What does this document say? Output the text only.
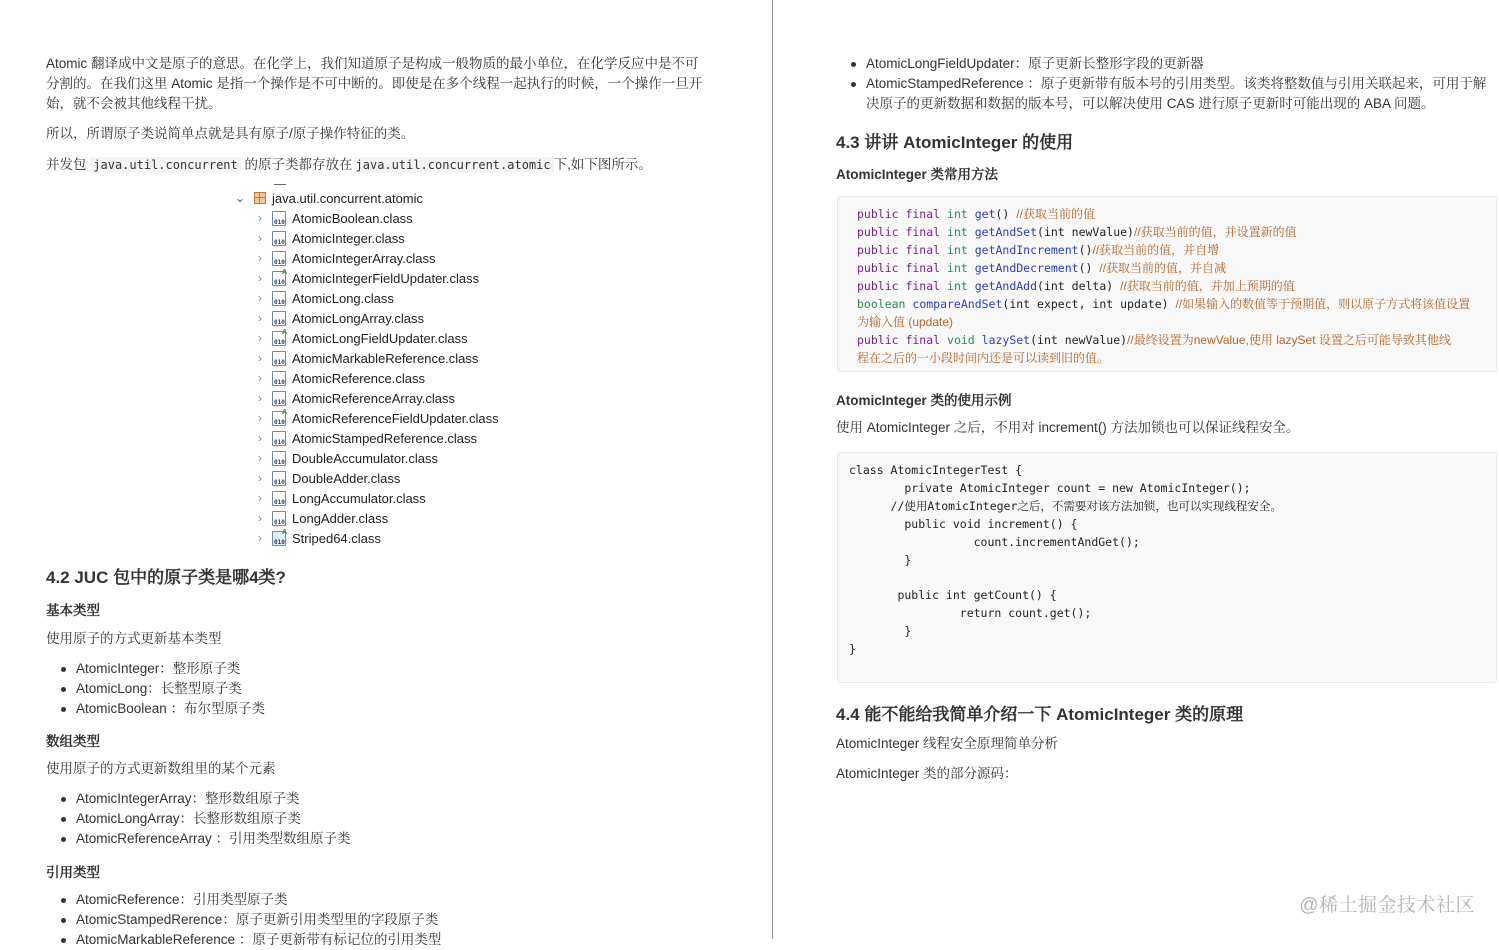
Atomic 翻译成中文是原子的意思。在化学上，我们知道原子是构成一般物质的最小单位，在化学反应中是不可分割的。在我们这里 Atomic 是指一个操作是不可中断的。即使是在多个线程一起执行的时候，一个操作一旦开始，就不会被其他线程干扰。

所以，所谓原子类说简单点就是具有原子/原子操作特征的类。

并发包 java.util.concurrent 的原子类都存放在 java.util.concurrent.atomic 下,如下图所示。

⌄ java.util.concurrent.atomic
›	010 AtomicBoolean.class
›	010 AtomicInteger.class
›	010 AtomicIntegerArray.class
›	A
010 AtomicIntegerFieldUpdater.class
›	010 AtomicLong.class
›	010 AtomicLongArray.class
›	A
010 AtomicLongFieldUpdater.class
›	010 AtomicMarkableReference.class
›	010 AtomicReference.class
›	010 AtomicReferenceArray.class
›	A
010 AtomicReferenceFieldUpdater.class
›	010 AtomicStampedReference.class
›	010 DoubleAccumulator.class
›	010 DoubleAdder.class
›	010 LongAccumulator.class
›	010 LongAdder.class
›	A
010 Striped64.class
4.2 JUC 包中的原子类是哪4类?
基本类型

使用原子的方式更新基本类型

AtomicInteger：整形原子类
AtomicLong：长整型原子类
AtomicBoolean ：布尔型原子类
数组类型

使用原子的方式更新数组里的某个元素

AtomicIntegerArray：整形数组原子类
AtomicLongArray：长整形数组原子类
AtomicReferenceArray ：引用类型数组原子类
引用类型
AtomicReference：引用类型原子类
AtomicStampedRerence：原子更新引用类型里的字段原子类
AtomicMarkableReference ：原子更新带有标记位的引用类型
AtomicLongFieldUpdater：原子更新长整形字段的更新器
AtomicStampedReference ：原子更新带有版本号的引用类型。该类将整数值与引用关联起来，可用于解决原子的更新数据和数据的版本号，可以解决使用 CAS 进行原子更新时可能出现的 ABA 问题。
4.3 讲讲 AtomicInteger 的使用
AtomicInteger 类常用方法
public final int get() //获取当前的值
public final int getAndSet(int newValue)//获取当前的值，并设置新的值
public final int getAndIncrement()//获取当前的值，并自增
public final int getAndDecrement() //获取当前的值，并自减
public final int getAndAdd(int delta) //获取当前的值，并加上预期的值
boolean compareAndSet(int expect, int update) //如果输入的数值等于预期值，则以原子方式将该值设置
为输入值 (update)
public final void lazySet(int newValue)//最终设置为newValue,使用 lazySet 设置之后可能导致其他线
程在之后的一小段时间内还是可以读到旧的值。
AtomicInteger 类的使用示例

使用 AtomicInteger 之后，不用对 increment() 方法加锁也可以保证线程安全。

class AtomicIntegerTest {
private AtomicInteger count = new AtomicInteger();
//使用AtomicInteger之后，不需要对该方法加锁，也可以实现线程安全。
public void increment() {
count.incrementAndGet();
}
public int getCount() {
return count.get();
}
}
4.4 能不能给我简单介绍一下 AtomicInteger 类的原理

AtomicInteger 线程安全原理简单分析

AtomicInteger 类的部分源码：

@稀土掘金技术社区
